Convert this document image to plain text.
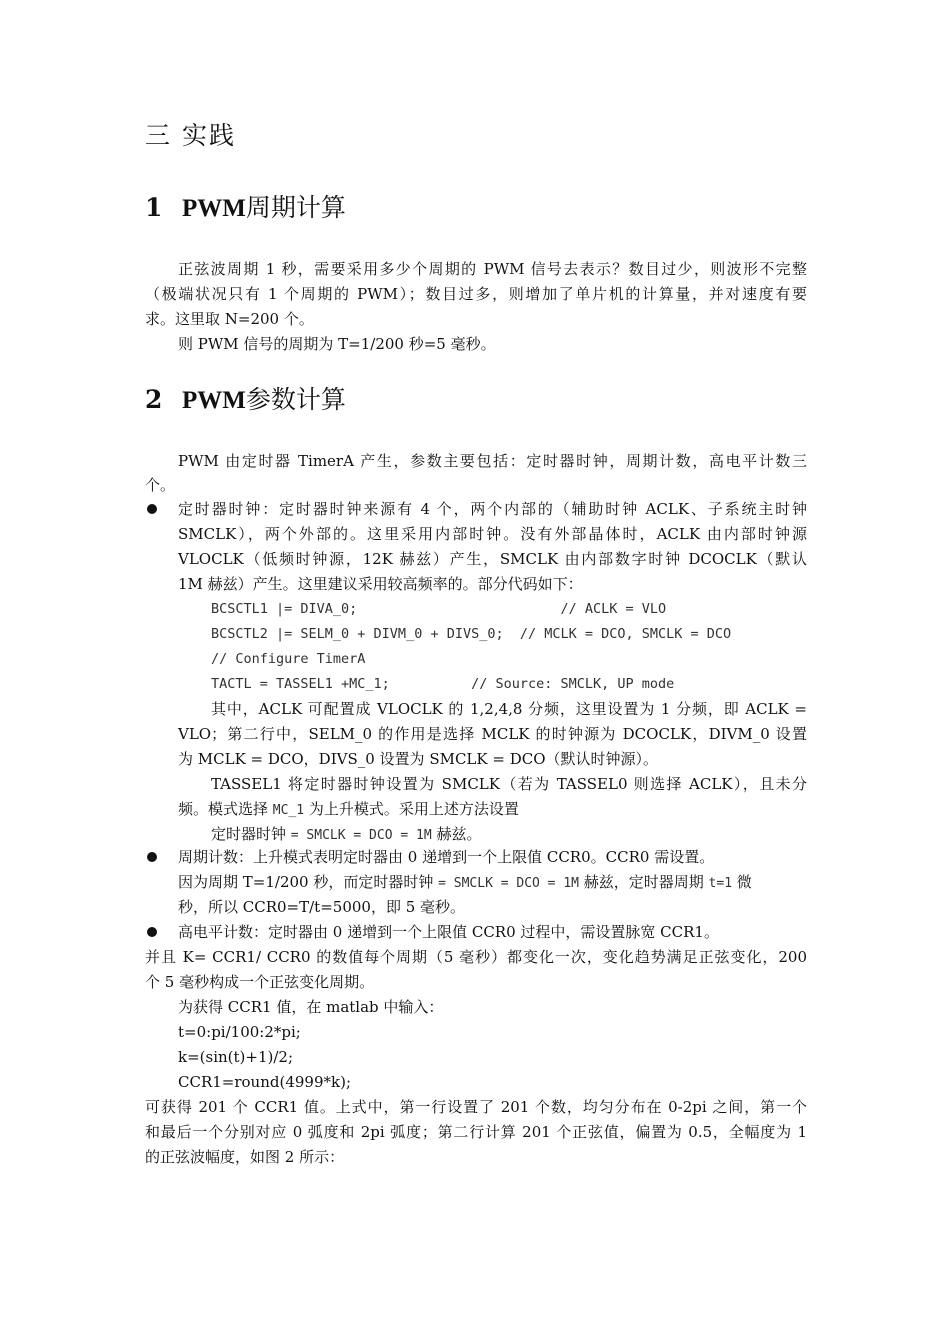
三 实践
1 PWM周期计算
正弦波周期 1 秒，需要采用多少个周期的 PWM 信号去表示？数目过少，则波形不完整
（极端状况只有 1 个周期的 PWM）；数目过多，则增加了单片机的计算量，并对速度有要
求。这里取 N=200 个。
则 PWM 信号的周期为 T=1/200 秒=5 毫秒。
2 PWM参数计算
PWM 由定时器 TimerA 产生，参数主要包括：定时器时钟，周期计数，高电平计数三
个。
定时器时钟：定时器时钟来源有 4 个，两个内部的（辅助时钟 ACLK、子系统主时钟
SMCLK），两个外部的。这里采用内部时钟。没有外部晶体时，ACLK 由内部时钟源
VLOCLK（低频时钟源，12K 赫兹）产生，SMCLK 由内部数字时钟 DCOCLK（默认
1M 赫兹）产生。这里建议采用较高频率的。部分代码如下：
BCSCTL1 |= DIVA_0;                         // ACLK = VLO
BCSCTL2 |= SELM_0 + DIVM_0 + DIVS_0;  // MCLK = DCO, SMCLK = DCO
// Configure TimerA
TACTL = TASSEL1 +MC_1;          // Source: SMCLK, UP mode
其中，ACLK 可配置成 VLOCLK 的 1,2,4,8 分频，这里设置为 1 分频，即 ACLK =
VLO；第二行中，SELM_0 的作用是选择 MCLK 的时钟源为 DCOCLK，DIVM_0 设置
为 MCLK = DCO，DIVS_0 设置为 SMCLK = DCO（默认时钟源）。
TASSEL1 将定时器时钟设置为 SMCLK（若为 TASSEL0 则选择 ACLK），且未分
频。模式选择 MC_1 为上升模式。采用上述方法设置
定时器时钟 = SMCLK = DCO = 1M 赫兹。
周期计数：上升模式表明定时器由 0 递增到一个上限值 CCR0。CCR0 需设置。
因为周期 T=1/200 秒，而定时器时钟 = SMCLK = DCO = 1M 赫兹，定时器周期 t=1 微
秒，所以 CCR0=T/t=5000，即 5 毫秒。
高电平计数：定时器由 0 递增到一个上限值 CCR0 过程中，需设置脉宽 CCR1。
并且 K= CCR1/ CCR0 的数值每个周期（5 毫秒）都变化一次，变化趋势满足正弦变化，200
个 5 毫秒构成一个正弦变化周期。
为获得 CCR1 值，在 matlab 中输入：
t=0:pi/100:2*pi;
k=(sin(t)+1)/2;
CCR1=round(4999*k);
可获得 201 个 CCR1 值。上式中，第一行设置了 201 个数，均匀分布在 0-2pi 之间，第一个
和最后一个分别对应 0 弧度和 2pi 弧度；第二行计算 201 个正弦值，偏置为 0.5，全幅度为 1
的正弦波幅度，如图 2 所示：
